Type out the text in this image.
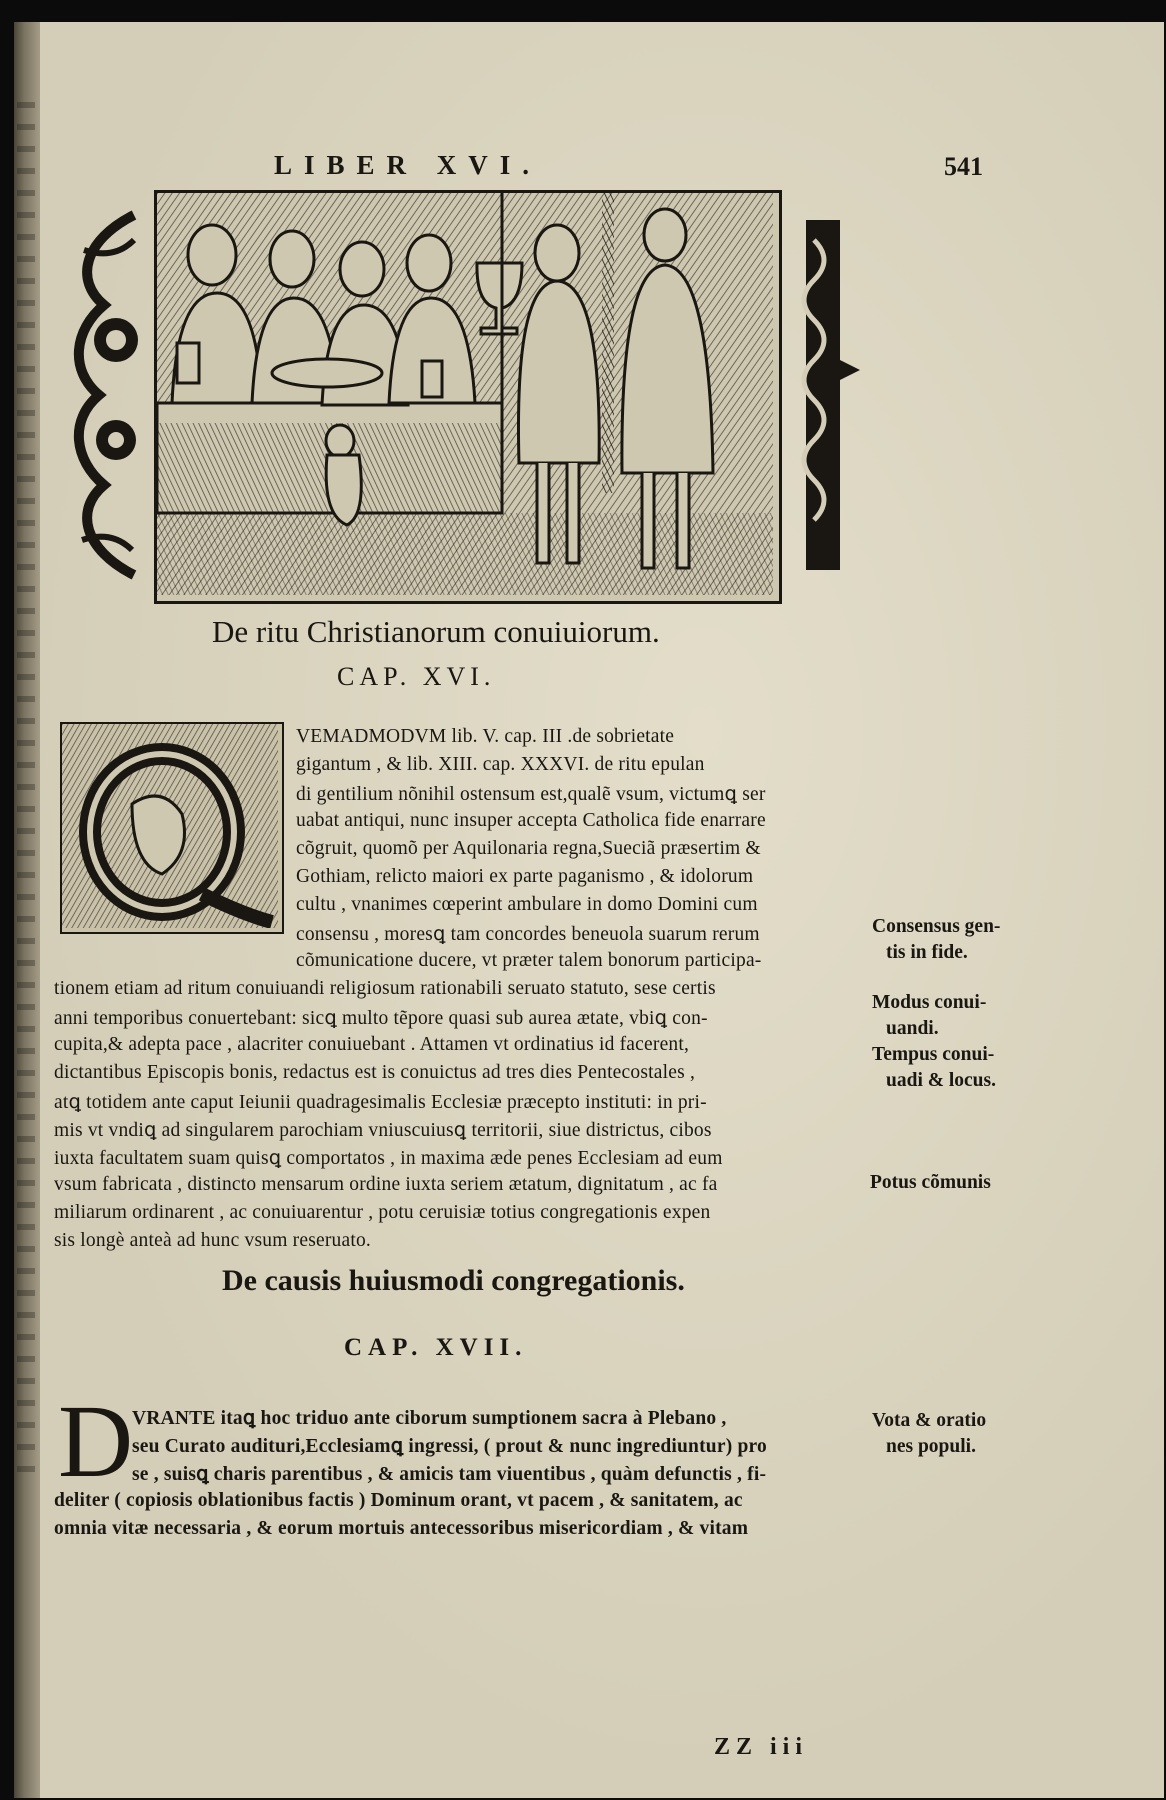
LIBER XVI.	541
De ritu Christianorum conuiuiorum.
CAP. XVI.
VEMADMODVM lib. V. cap. III .de sobrietate
gigantum , & lib. XIII. cap. XXXVI. de ritu epulan
di gentilium nõnihil ostensum est,qualẽ vsum, victumꝗ ser
uabat antiqui, nunc insuper accepta Catholica fide enarrare
cõgruit, quomõ per Aquilonaria regna,Sueciã præsertim &
Gothiam, relicto maiori ex parte paganismo , & idolorum
cultu , vnanimes cœperint ambulare in domo Domini cum
consensu , moresꝗ tam concordes beneuola suarum rerum
cõmunicatione ducere, vt præter talem bonorum participa-
tionem etiam ad ritum conuiuandi religiosum rationabili seruato statuto, sese certis
anni temporibus conuertebant: sicꝗ multo tẽpore quasi sub aurea ætate, vbiꝗ con-
cupita,& adepta pace , alacriter conuiuebant . Attamen vt ordinatius id facerent,
dictantibus Episcopis bonis, redactus est is conuictus ad tres dies Pentecostales ,
atꝗ totidem ante caput Ieiunii quadragesimalis Ecclesiæ præcepto instituti: in pri-
mis vt vndiꝗ ad singularem parochiam vniuscuiusꝗ territorii, siue districtus, cibos
iuxta facultatem suam quisꝗ comportatos , in maxima æde penes Ecclesiam ad eum
vsum fabricata , distincto mensarum ordine iuxta seriem ætatum, dignitatum , ac fa
miliarum ordinarent , ac conuiuarentur , potu ceruisiæ totius congregationis expen
sis longè anteà ad hunc vsum reseruato.
De causis huiusmodi congregationis.
CAP. XVII.
D
VRANTE itaꝗ hoc triduo ante ciborum sumptionem sacra à Plebano ,
seu Curato audituri,Ecclesiamꝗ ingressi, ( prout & nunc ingrediuntur) pro
se , suisꝗ charis parentibus , & amicis tam viuentibus , quàm defunctis , fi-
deliter ( copiosis oblationibus factis ) Dominum orant, vt pacem , & sanitatem, ac
omnia vitæ necessaria , & eorum mortuis antecessoribus misericordiam , & vitam
Consensus gen-
tis in fide.
Modus conui-
uandi.
Tempus conui-
uadi & locus.
Potus cõmunis
Vota & oratio
nes populi.
ZZ iii
